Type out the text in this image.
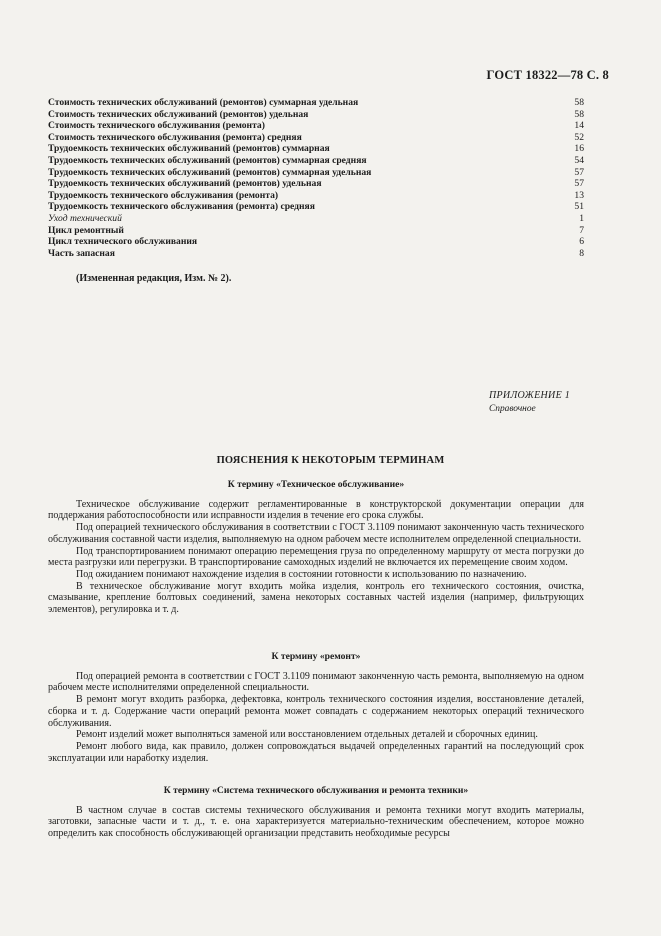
ГОСТ 18322—78 С. 8
Стоимость технических обслуживаний (ремонтов) суммарная удельная	58
Стоимость технических обслуживаний (ремонтов) удельная	58
Стоимость технического обслуживания (ремонта)	14
Стоимость технического обслуживания (ремонта) средняя	52
Трудоемкость технических обслуживаний (ремонтов) суммарная	16
Трудоемкость технических обслуживаний (ремонтов) суммарная средняя	54
Трудоемкость технических обслуживаний (ремонтов) суммарная удельная	57
Трудоемкость технических обслуживаний (ремонтов) удельная	57
Трудоемкость технического обслуживания (ремонта)	13
Трудоемкость технического обслуживания (ремонта) средняя	51
Уход технический	1
Цикл ремонтный	7
Цикл технического обслуживания	6
Часть запасная	8
(Измененная редакция, Изм. № 2).
ПРИЛОЖЕНИЕ 1
Справочное
ПОЯСНЕНИЯ К НЕКОТОРЫМ ТЕРМИНАМ
К термину «Техническое обслуживание»

Техническое обслуживание содержит регламентированные в конструкторской документации операции для поддержания работоспособности или исправности изделия в течение его срока службы.

Под операцией технического обслуживания в соответствии с ГОСТ 3.1109 понимают законченную часть технического обслуживания составной части изделия, выполняемую на одном рабочем месте исполнителем определенной специальности.

Под транспортированием понимают операцию перемещения груза по определенному маршруту от места погрузки до места разгрузки или перегрузки. В транспортирование самоходных изделий не включается их перемещение своим ходом.

Под ожиданием понимают нахождение изделия в состоянии готовности к использованию по назначению.

В техническое обслуживание могут входить мойка изделия, контроль его технического состояния, очистка, смазывание, крепление болтовых соединений, замена некоторых составных частей изделия (например, фильтрующих элементов), регулировка и т. д.

К термину «ремонт»

Под операцией ремонта в соответствии с ГОСТ 3.1109 понимают законченную часть ремонта, выполняемую на одном рабочем месте исполнителями определенной специальности.

В ремонт могут входить разборка, дефектовка, контроль технического состояния изделия, восстановление деталей, сборка и т. д. Содержание части операций ремонта может совпадать с содержанием некоторых операций технического обслуживания.

Ремонт изделий может выполняться заменой или восстановлением отдельных деталей и сборочных единиц.

Ремонт любого вида, как правило, должен сопровождаться выдачей определенных гарантий на последующий срок эксплуатации или наработку изделия.

К термину «Система технического обслуживания и ремонта техники»

В частном случае в состав системы технического обслуживания и ремонта техники могут входить материалы, заготовки, запасные части и т. д., т. е. она характеризуется материально-техническим обеспечением, которое можно определить как способность обслуживающей организации представить необходимые ресурсы
